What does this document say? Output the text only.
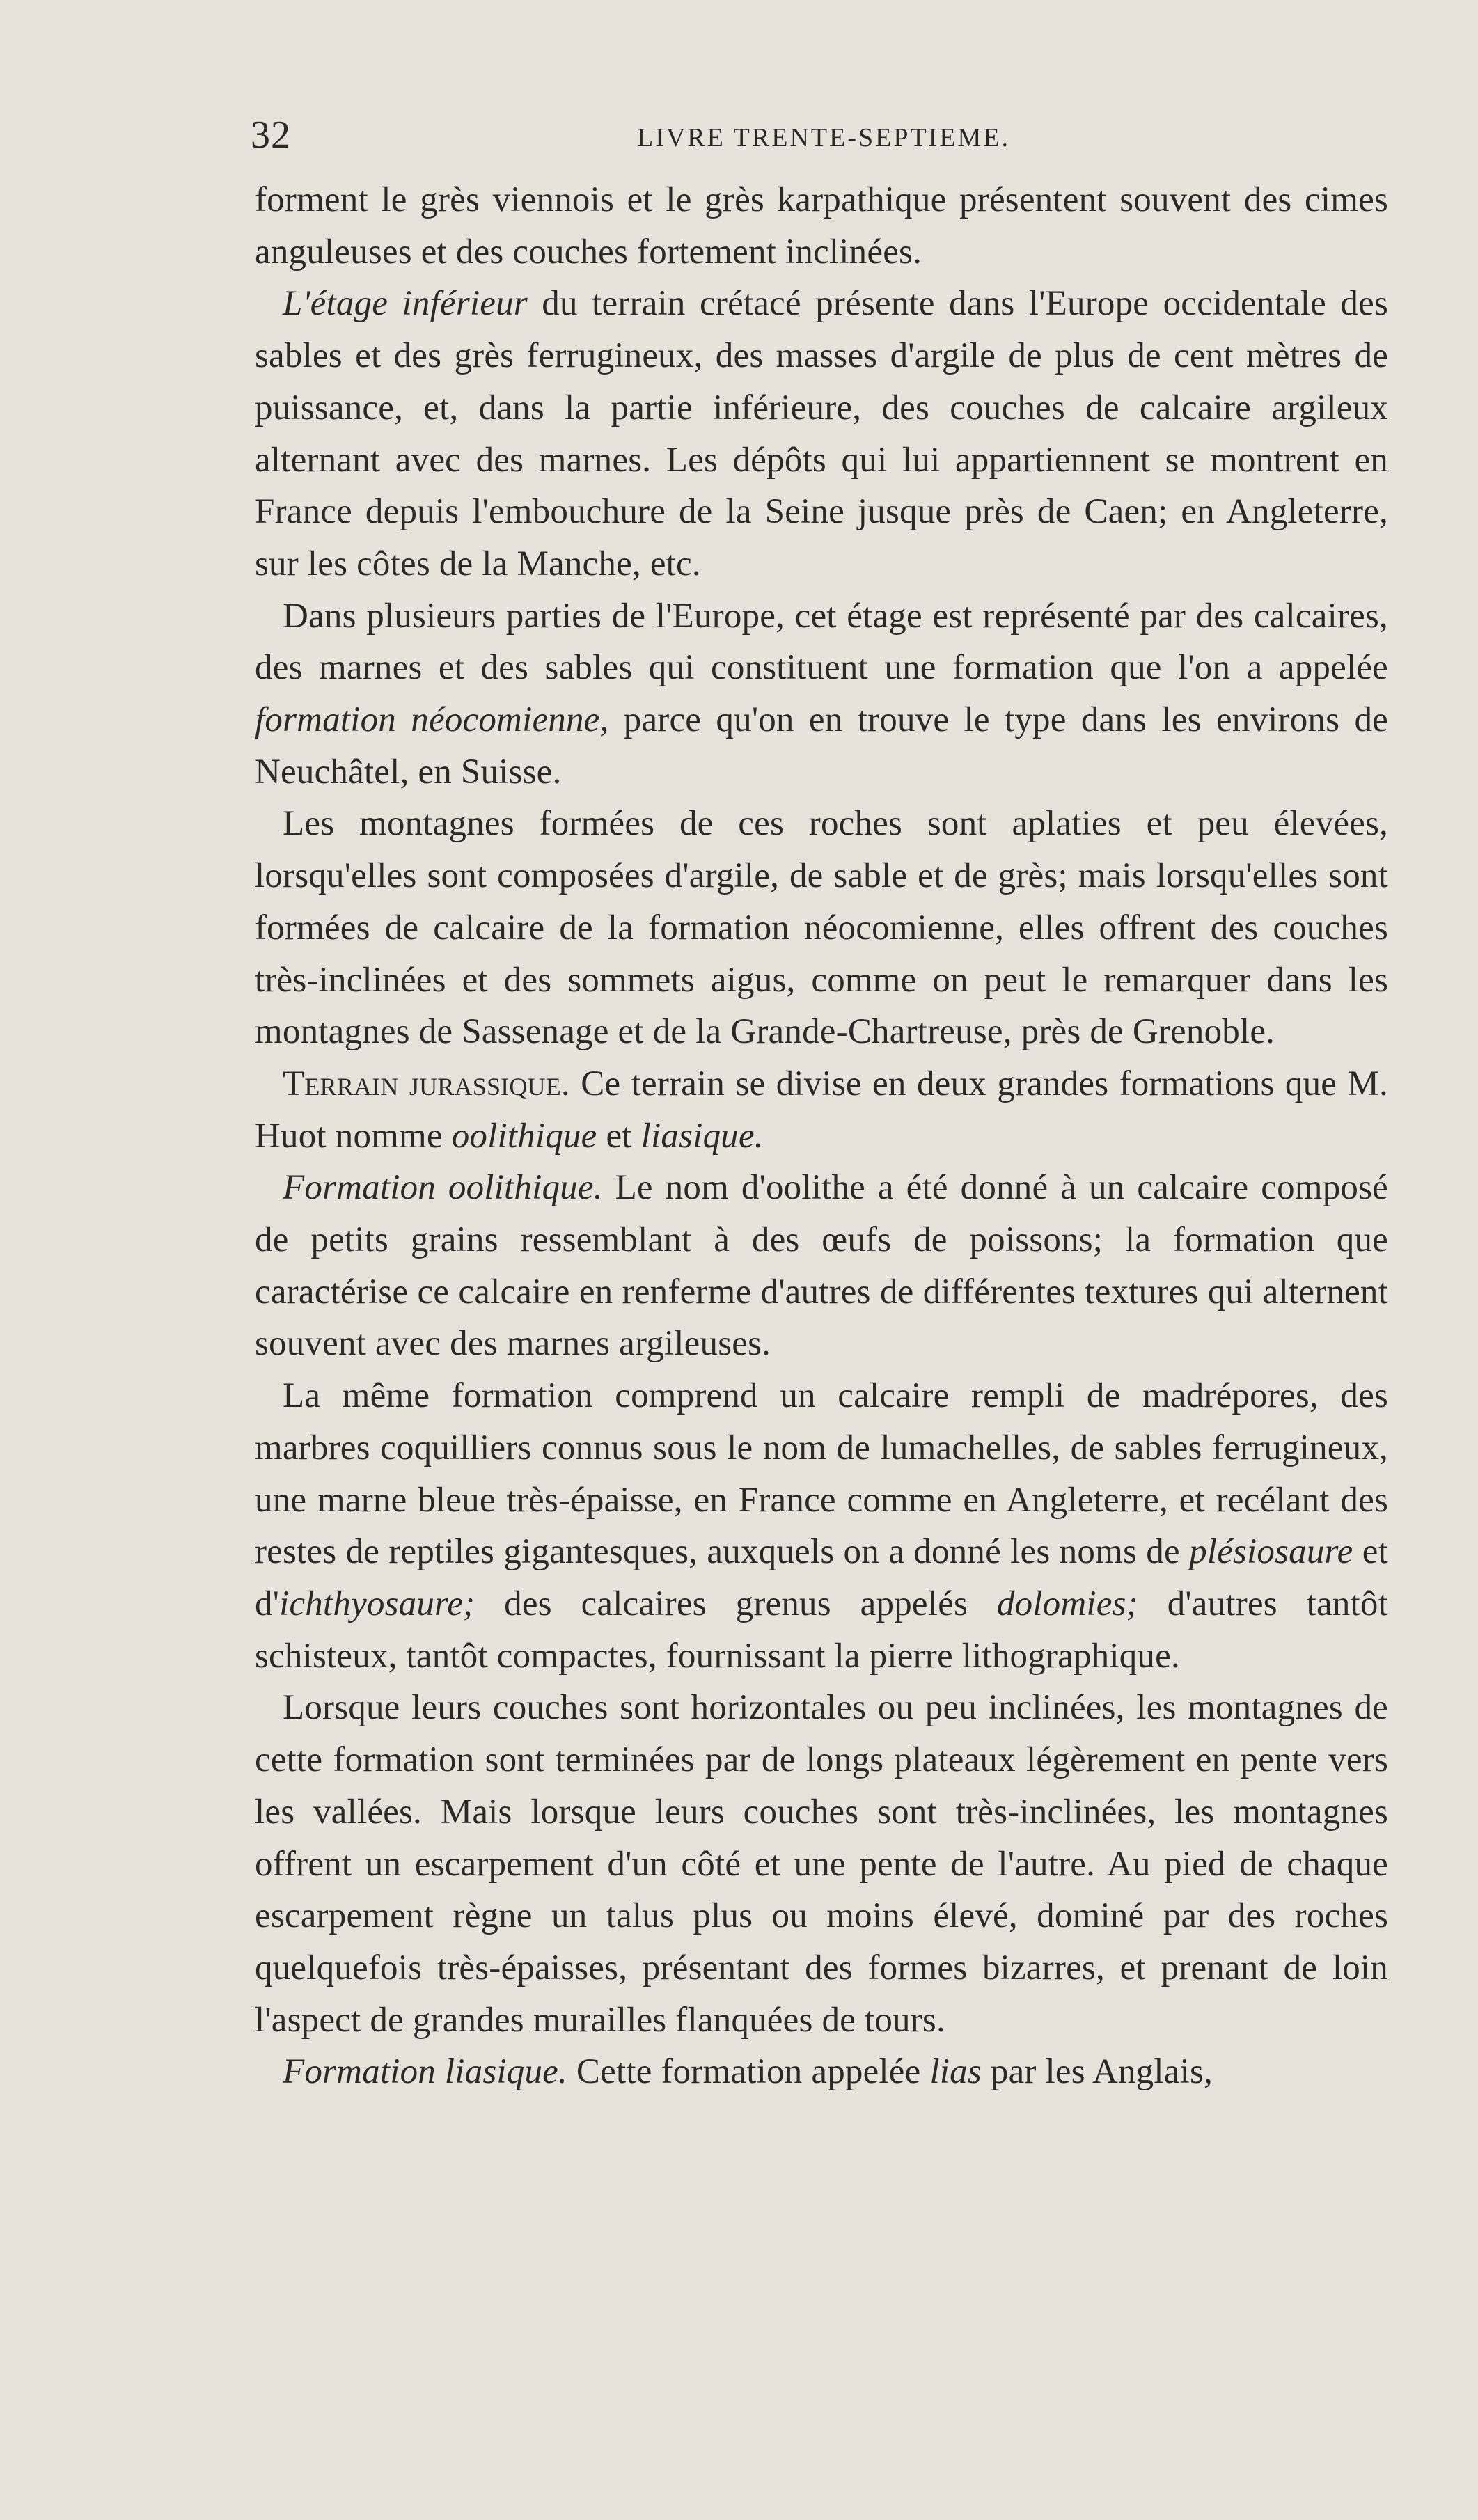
32	LIVRE TRENTE-SEPTIEME.

forment le grès viennois et le grès karpathique présentent souvent des cimes anguleuses et des couches fortement inclinées.

L'étage inférieur du terrain crétacé présente dans l'Europe occidentale des sables et des grès ferrugineux, des masses d'argile de plus de cent mètres de puissance, et, dans la partie inférieure, des couches de calcaire argileux alternant avec des marnes. Les dépôts qui lui appartiennent se montrent en France depuis l'embouchure de la Seine jusque près de Caen; en Angleterre, sur les côtes de la Manche, etc.

Dans plusieurs parties de l'Europe, cet étage est représenté par des calcaires, des marnes et des sables qui constituent une formation que l'on a appelée formation néocomienne, parce qu'on en trouve le type dans les environs de Neuchâtel, en Suisse.

Les montagnes formées de ces roches sont aplaties et peu élevées, lorsqu'elles sont composées d'argile, de sable et de grès; mais lorsqu'elles sont formées de calcaire de la formation néocomienne, elles offrent des couches très-inclinées et des sommets aigus, comme on peut le remarquer dans les montagnes de Sassenage et de la Grande-Chartreuse, près de Grenoble.

Terrain jurassique. Ce terrain se divise en deux grandes formations que M. Huot nomme oolithique et liasique.

Formation oolithique. Le nom d'oolithe a été donné à un calcaire composé de petits grains ressemblant à des œufs de poissons; la formation que caractérise ce calcaire en renferme d'autres de différentes textures qui alternent souvent avec des marnes argileuses.

La même formation comprend un calcaire rempli de madrépores, des marbres coquilliers connus sous le nom de lumachelles, de sables ferrugineux, une marne bleue très-épaisse, en France comme en Angleterre, et recélant des restes de reptiles gigantesques, auxquels on a donné les noms de plésiosaure et d'ichthyosaure; des calcaires grenus appelés dolomies; d'autres tantôt schisteux, tantôt compactes, fournissant la pierre lithographique.

Lorsque leurs couches sont horizontales ou peu inclinées, les montagnes de cette formation sont terminées par de longs plateaux légèrement en pente vers les vallées. Mais lorsque leurs couches sont très-inclinées, les montagnes offrent un escarpement d'un côté et une pente de l'autre. Au pied de chaque escarpement règne un talus plus ou moins élevé, dominé par des roches quelquefois très-épaisses, présentant des formes bizarres, et prenant de loin l'aspect de grandes murailles flanquées de tours.

Formation liasique. Cette formation appelée lias par les Anglais,
